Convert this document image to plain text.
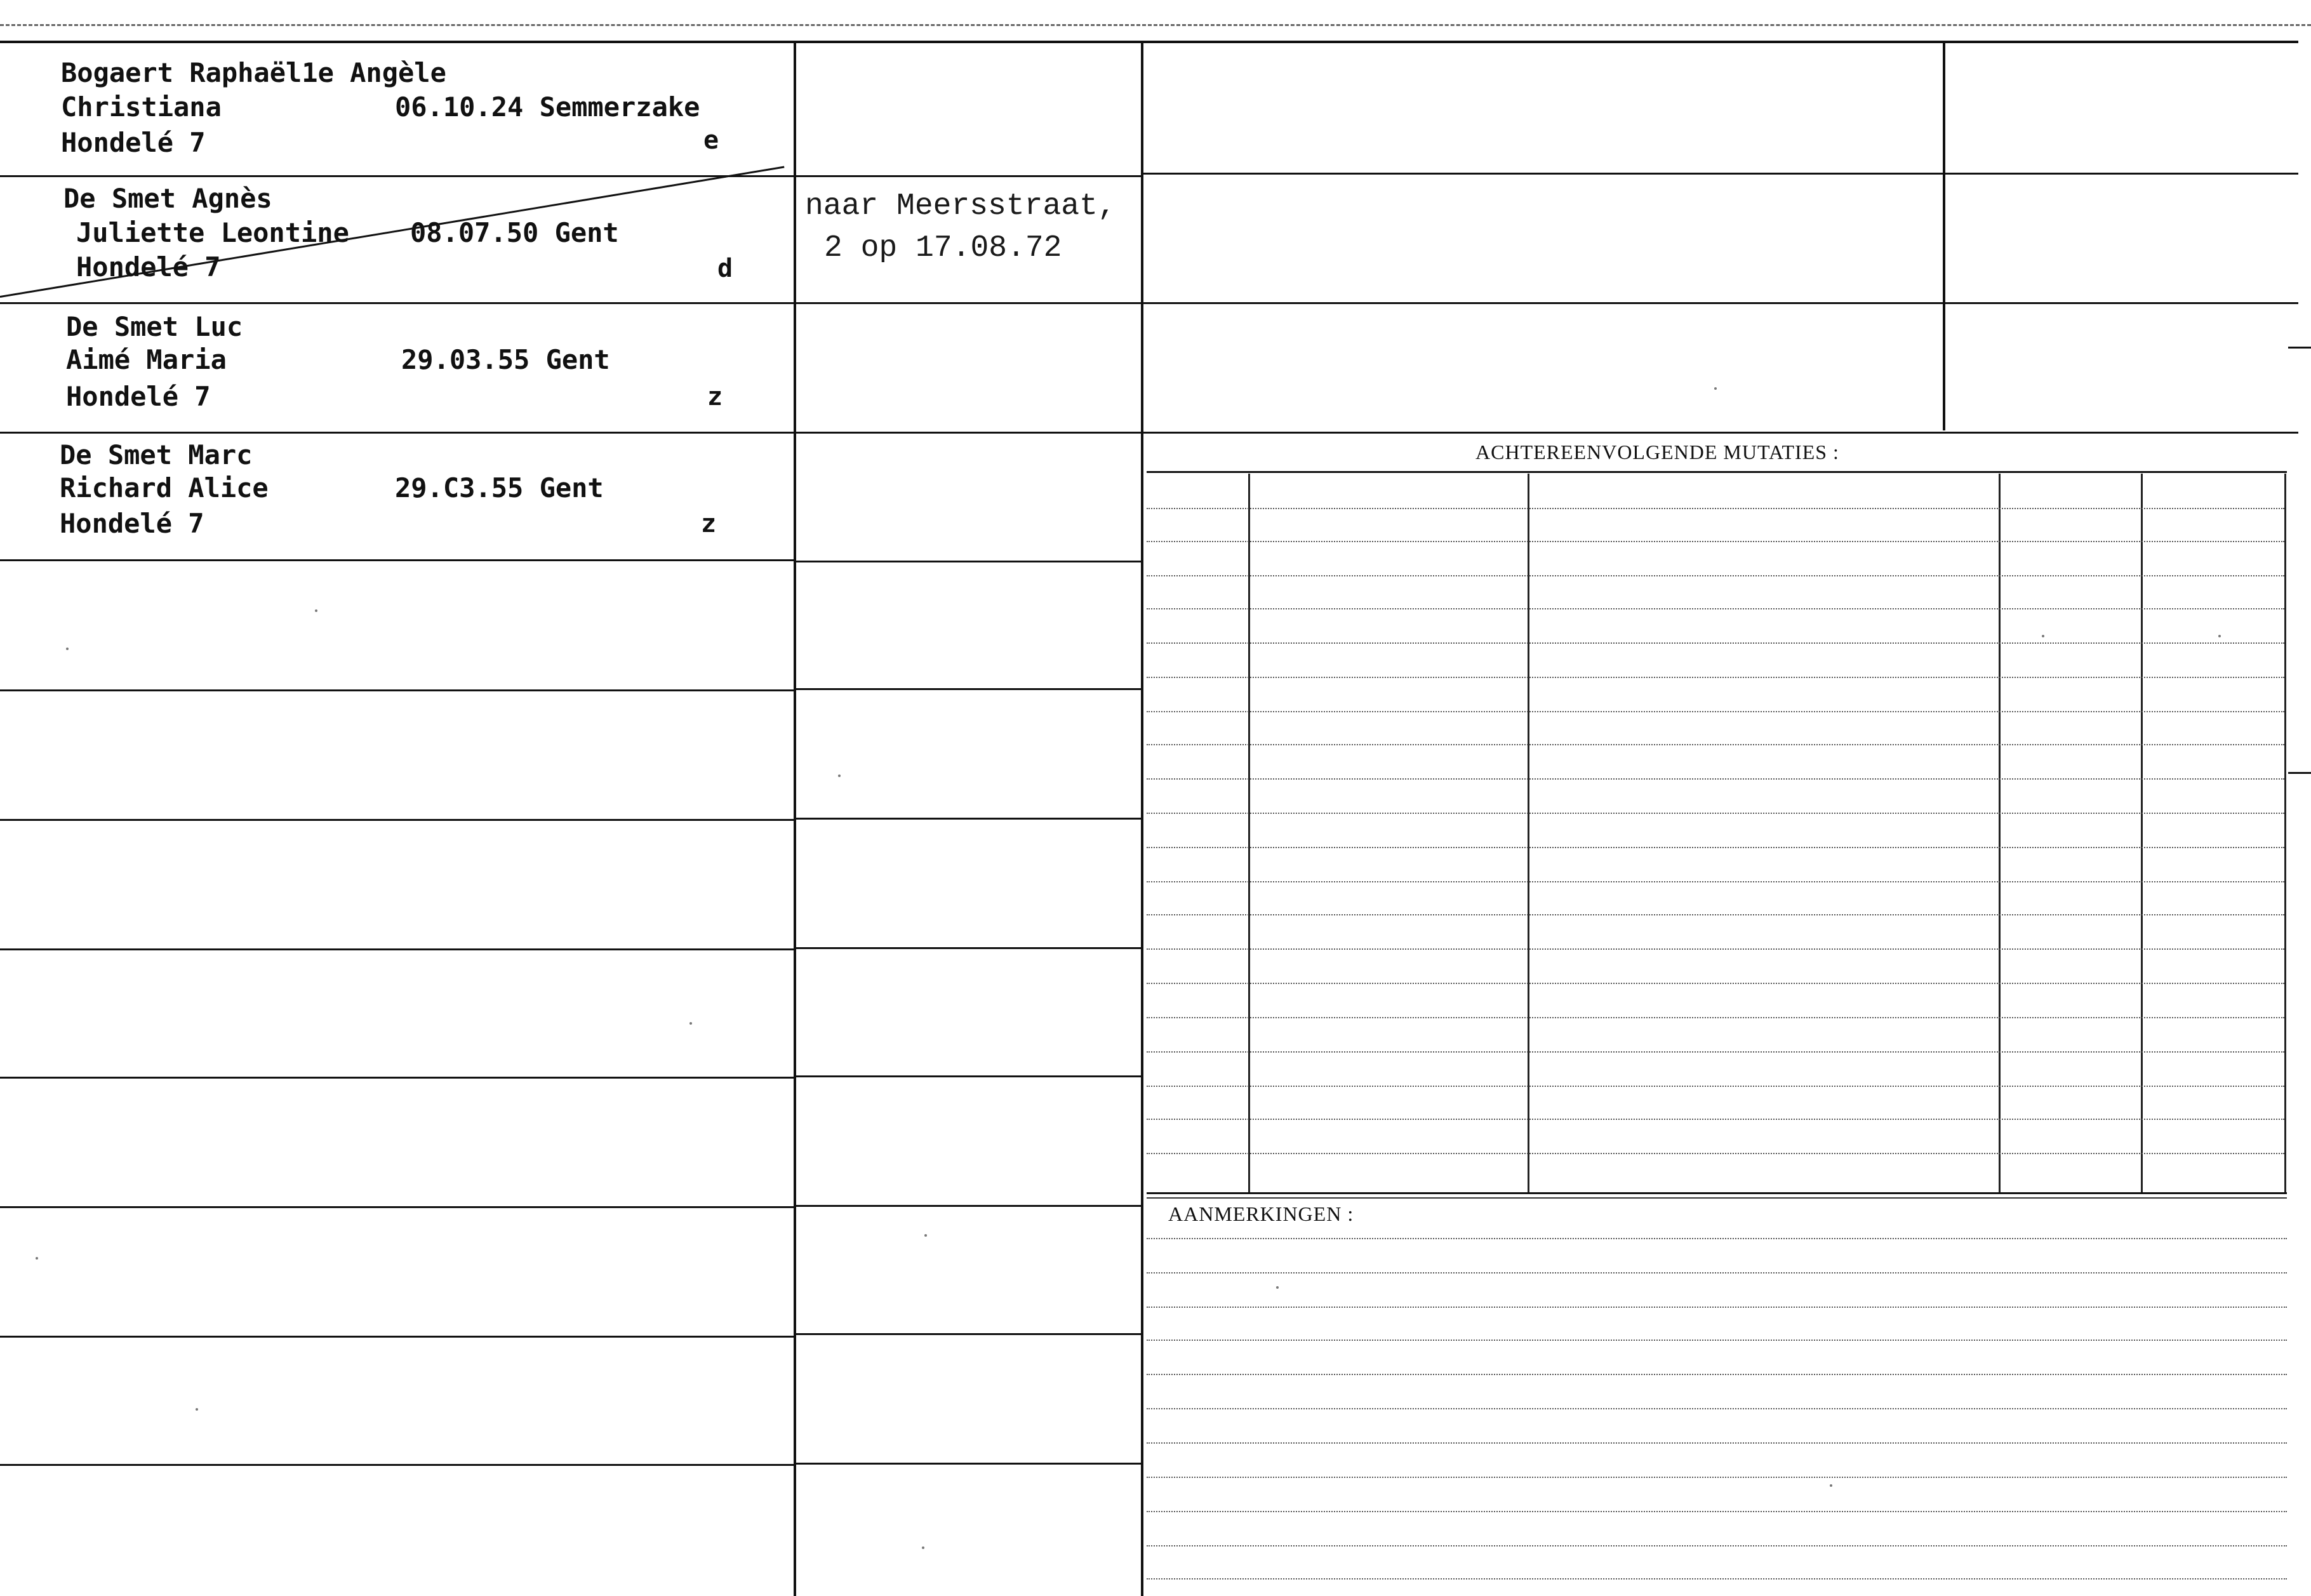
Bogaert Raphaël1e Angèle
Christiana	06.10.24 Semmerzake
Hondelé 7	e
De Smet Agnès
Juliette Leontine 08.07.50 Gent
Hondelé 7	d
naar Meersstraat,
2 op 17.08.72
De Smet Luc
Aimé Maria	29.03.55 Gent
Hondelé 7	z
De Smet Marc
Richard Alice	29.C3.55 Gent
Hondelé 7	z
ACHTEREENVOLGENDE MUTATIES :
AANMERKINGEN :
